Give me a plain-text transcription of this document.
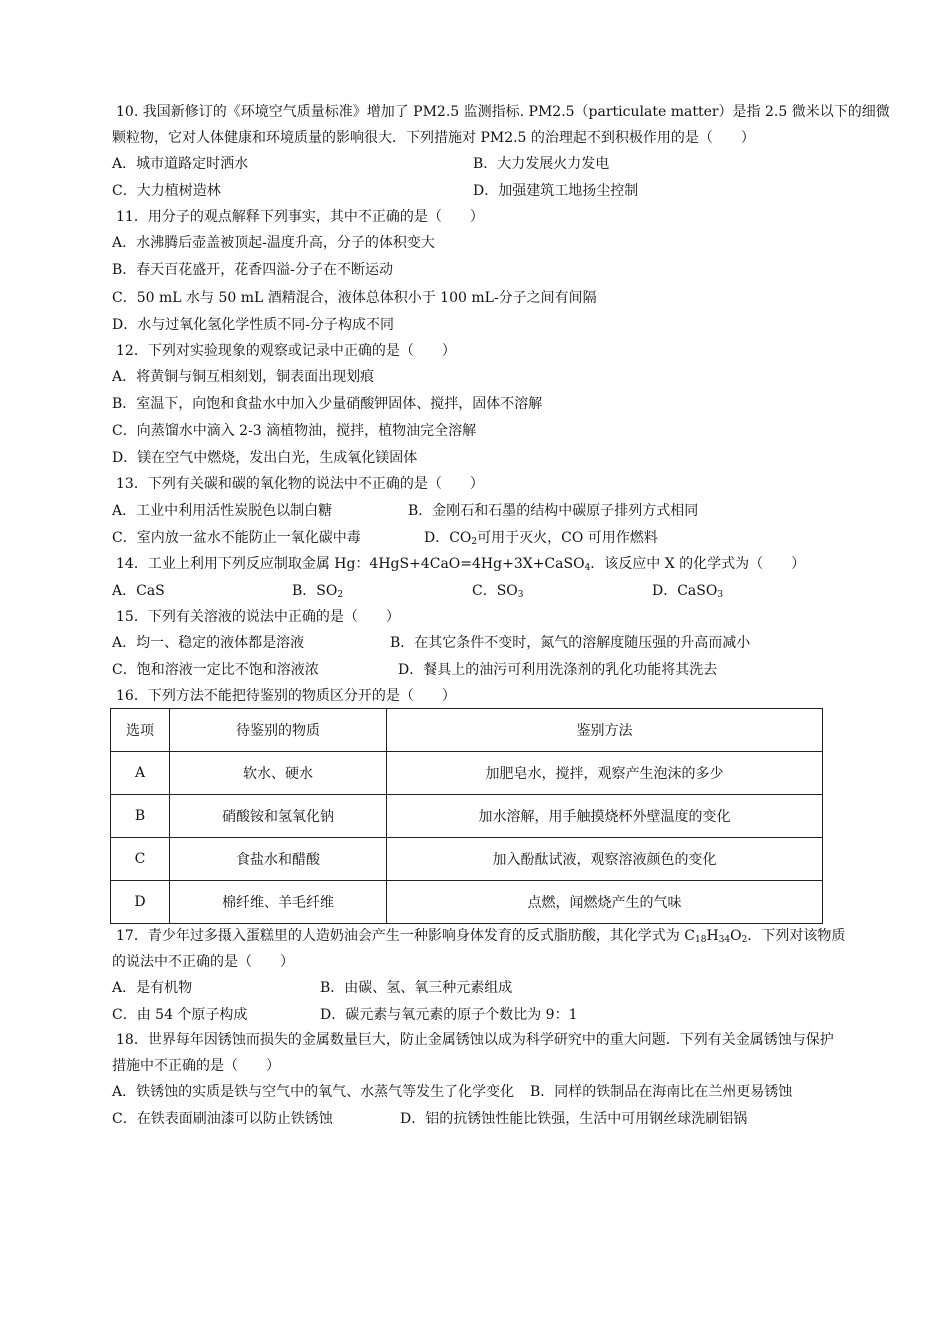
10. 我国新修订的《环境空气质量标准》增加了 PM2.5 监测指标. PM2.5（particulate matter）是指 2.5 微米以下的细微
颗粒物，它对人体健康和环境质量的影响很大．下列措施对 PM2.5 的治理起不到积极作用的是（　　）
A．城市道路定时洒水	B．大力发展火力发电
C．大力植树造林	D．加强建筑工地扬尘控制
11．用分子的观点解释下列事实，其中不正确的是（　　）
A．水沸腾后壶盖被顶起-温度升高，分子的体积变大
B．春天百花盛开，花香四溢-分子在不断运动
C．50 mL 水与 50 mL 酒精混合，液体总体积小于 100 mL-分子之间有间隔
D．水与过氧化氢化学性质不同-分子构成不同
12．下列对实验现象的观察或记录中正确的是（　　）
A．将黄铜与铜互相刻划，铜表面出现划痕
B．室温下，向饱和食盐水中加入少量硝酸钾固体、搅拌，固体不溶解
C．向蒸馏水中滴入 2-3 滴植物油，搅拌，植物油完全溶解
D．镁在空气中燃烧，发出白光，生成氧化镁固体
13．下列有关碳和碳的氧化物的说法中不正确的是（　　）
A．工业中利用活性炭脱色以制白糖	B．金刚石和石墨的结构中碳原子排列方式相同
C．室内放一盆水不能防止一氧化碳中毒	D．$CO_2$可用于灭火，CO 可用作燃料
14．工业上利用下列反应制取金属 Hg：4HgS+4CaO=4Hg+3X+CaSO$_4$．该反应中 X 的化学式为（　　）
A．CaS	B．$SO_2$	C．$SO_3$	D．CaSO$_3$
15．下列有关溶液的说法中正确的是（　　）
A．均一、稳定的液体都是溶液	B．在其它条件不变时，氮气的溶解度随压强的升高而减小
C．饱和溶液一定比不饱和溶液浓	D．餐具上的油污可利用洗涤剂的乳化功能将其洗去
16．下列方法不能把待鉴别的物质区分开的是（　　）
选项	待鉴别的物质	鉴别方法
A	软水、硬水	加肥皂水，搅拌，观察产生泡沫的多少
B	硝酸铵和氢氧化钠	加水溶解，用手触摸烧杯外壁温度的变化
C	食盐水和醋酸	加入酚酞试液，观察溶液颜色的变化
D	棉纤维、羊毛纤维	点燃，闻燃烧产生的气味
17．青少年过多摄入蛋糕里的人造奶油会产生一种影响身体发育的反式脂肪酸，其化学式为 $C_{18}H_{34}O_2$．下列对该物质
的说法中不正确的是（　　）
A．是有机物	B．由碳、氢、氧三种元素组成
C．由 54 个原子构成	D．碳元素与氧元素的原子个数比为 9：1
18．世界每年因锈蚀而损失的金属数量巨大，防止金属锈蚀以成为科学研究中的重大问题．下列有关金属锈蚀与保护
措施中不正确的是（　　）
A．铁锈蚀的实质是铁与空气中的氧气、水蒸气等发生了化学变化 B．同样的铁制品在海南比在兰州更易锈蚀
C．在铁表面刷油漆可以防止铁锈蚀	D．铝的抗锈蚀性能比铁强，生活中可用钢丝球洗刷铝锅
